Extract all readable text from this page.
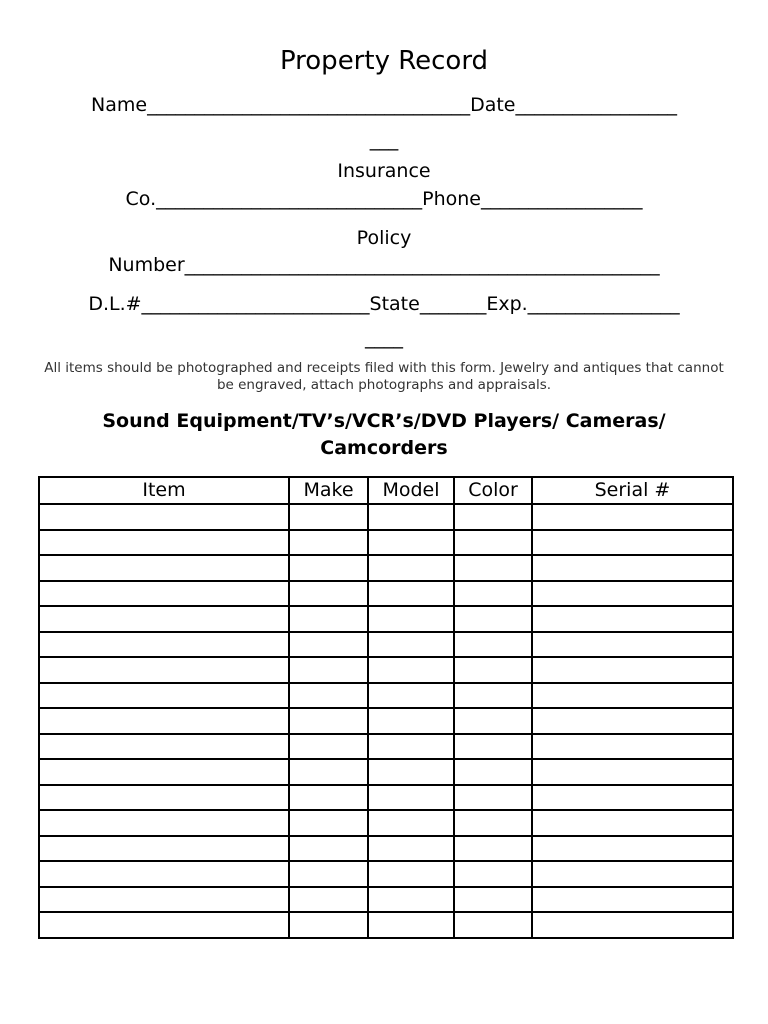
Property Record
Name__________________________________Date_________________
___
Insurance
Co.____________________________Phone_________________
Policy
Number__________________________________________________
D.L.#________________________State_______Exp.________________
____
All items should be photographed and receipts filed with this form. Jewelry and antiques that cannot be engraved, attach photographs and appraisals.
Sound Equipment/TV’s/VCR’s/DVD Players/ Cameras/ Camcorders
Item	Make	Model	Color	Serial #
